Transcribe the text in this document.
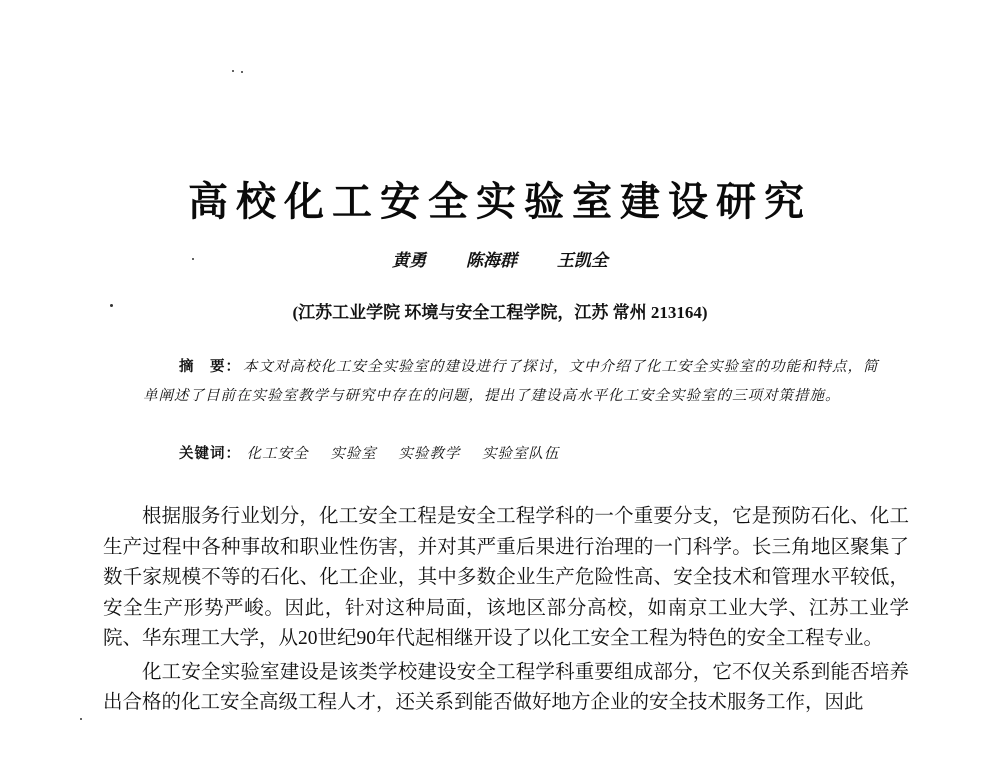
高校化工安全实验室建设研究
黄勇 陈海群 王凯全
(江苏工业学院 环境与安全工程学院，江苏 常州 213164)
摘　要： 本文对高校化工安全实验室的建设进行了探讨，文中介绍了化工安全实验室的功能和特点，简单阐述了目前在实验室教学与研究中存在的问题，提出了建设高水平化工安全实验室的三项对策措施。
关键词： 化工安全 实验室 实验教学 实验室队伍

根据服务行业划分，化工安全工程是安全工程学科的一个重要分支，它是预防石化、化工生产过程中各种事故和职业性伤害，并对其严重后果进行治理的一门科学。长三角地区聚集了数千家规模不等的石化、化工企业，其中多数企业生产危险性高、安全技术和管理水平较低，安全生产形势严峻。因此，针对这种局面，该地区部分高校，如南京工业大学、江苏工业学院、华东理工大学，从20世纪90年代起相继开设了以化工安全工程为特色的安全工程专业。

化工安全实验室建设是该类学校建设安全工程学科重要组成部分，它不仅关系到能否培养出合格的化工安全高级工程人才，还关系到能否做好地方企业的安全技术服务工作，因此
